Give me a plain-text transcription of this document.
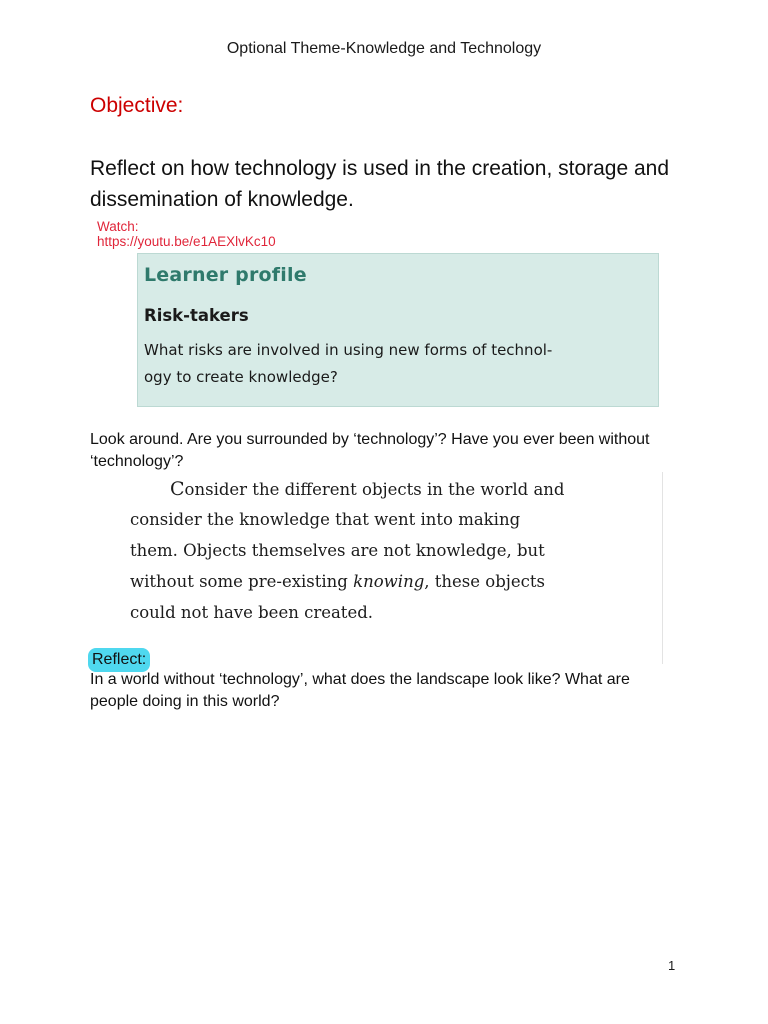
Optional Theme-Knowledge and Technology
Objective:
Reflect on how technology is used in the creation, storage and dissemination of knowledge.
Watch:
https://youtu.be/e1AEXlvKc10
Learner profile
Risk-takers
What risks are involved in using new forms of technol-
ogy to create knowledge?
Look around. Are you surrounded by ‘technology’? Have you ever been without ‘technology’?
Consider the different objects in the world and
consider the knowledge that went into making
them. Objects themselves are not knowledge, but
without some pre-existing knowing, these objects
could not have been created.
Reflect:
In a world without ‘technology’, what does the landscape look like? What are people doing in this world?
1
